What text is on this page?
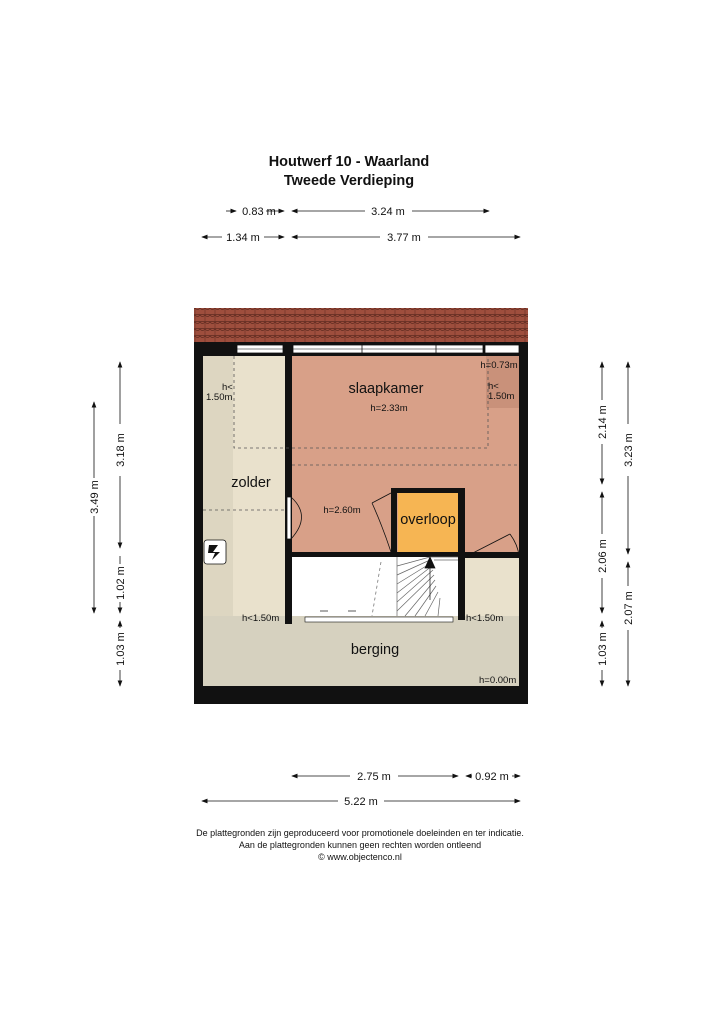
Houtwerf 10 - Waarland
Tweede Verdieping
0.83 m	3.24 m
1.34 m	3.77 m
slaapkamer
h=2.33m
zolder
overloop
berging
h=2.60m
h=0.73m
h<
1.50m
h<
1.50m
h<1.50m	h<1.50m
h=0.00m
3.18 m
1.02 m
1.03 m
3.49 m
2.14 m
2.06 m
1.03 m
3.23 m
2.07 m
2.75 m	0.92 m
5.22 m
De plattegronden zijn geproduceerd voor promotionele doeleinden en ter indicatie.
Aan de plattegronden kunnen geen rechten worden ontleend
© www.objectenco.nl
